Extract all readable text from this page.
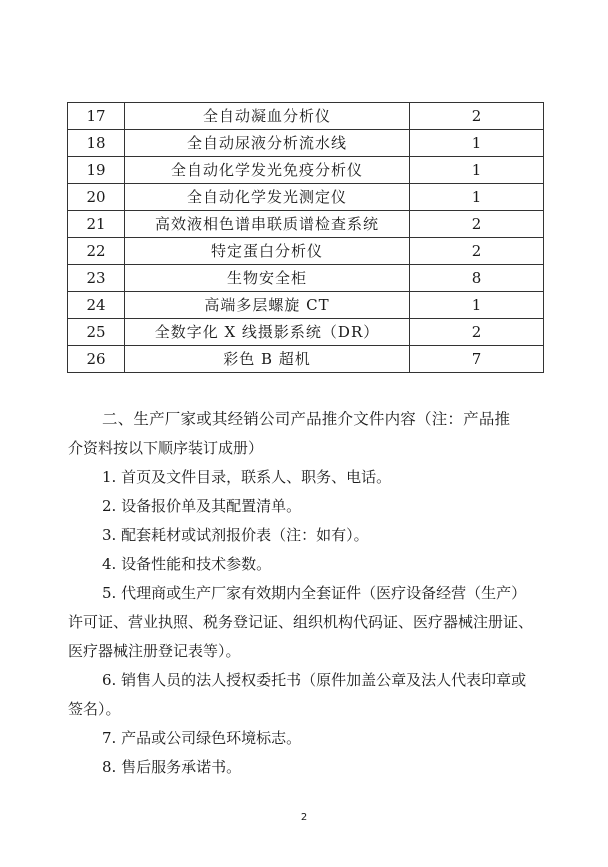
17	全自动凝血分析仪	2
18	全自动尿液分析流水线	1
19	全自动化学发光免疫分析仪	1
20	全自动化学发光测定仪	1
21	高效液相色谱串联质谱检查系统	2
22	特定蛋白分析仪	2
23	生物安全柜	8
24	高端多层螺旋 CT	1
25	全数字化 X 线摄影系统（DR）	2
26	彩色 B 超机	7

二、生产厂家或其经销公司产品推介文件内容（注：产品推

介资料按以下顺序装订成册）

1. 首页及文件目录，联系人、职务、电话。

2. 设备报价单及其配置清单。

3. 配套耗材或试剂报价表（注：如有）。

4. 设备性能和技术参数。

5. 代理商或生产厂家有效期内全套证件（医疗设备经营（生产）许可证、营业执照、税务登记证、组织机构代码证、医疗器械注册证、医疗器械注册登记表等）。

6. 销售人员的法人授权委托书（原件加盖公章及法人代表印章或签名）。

7. 产品或公司绿色环境标志。

8. 售后服务承诺书。

2
